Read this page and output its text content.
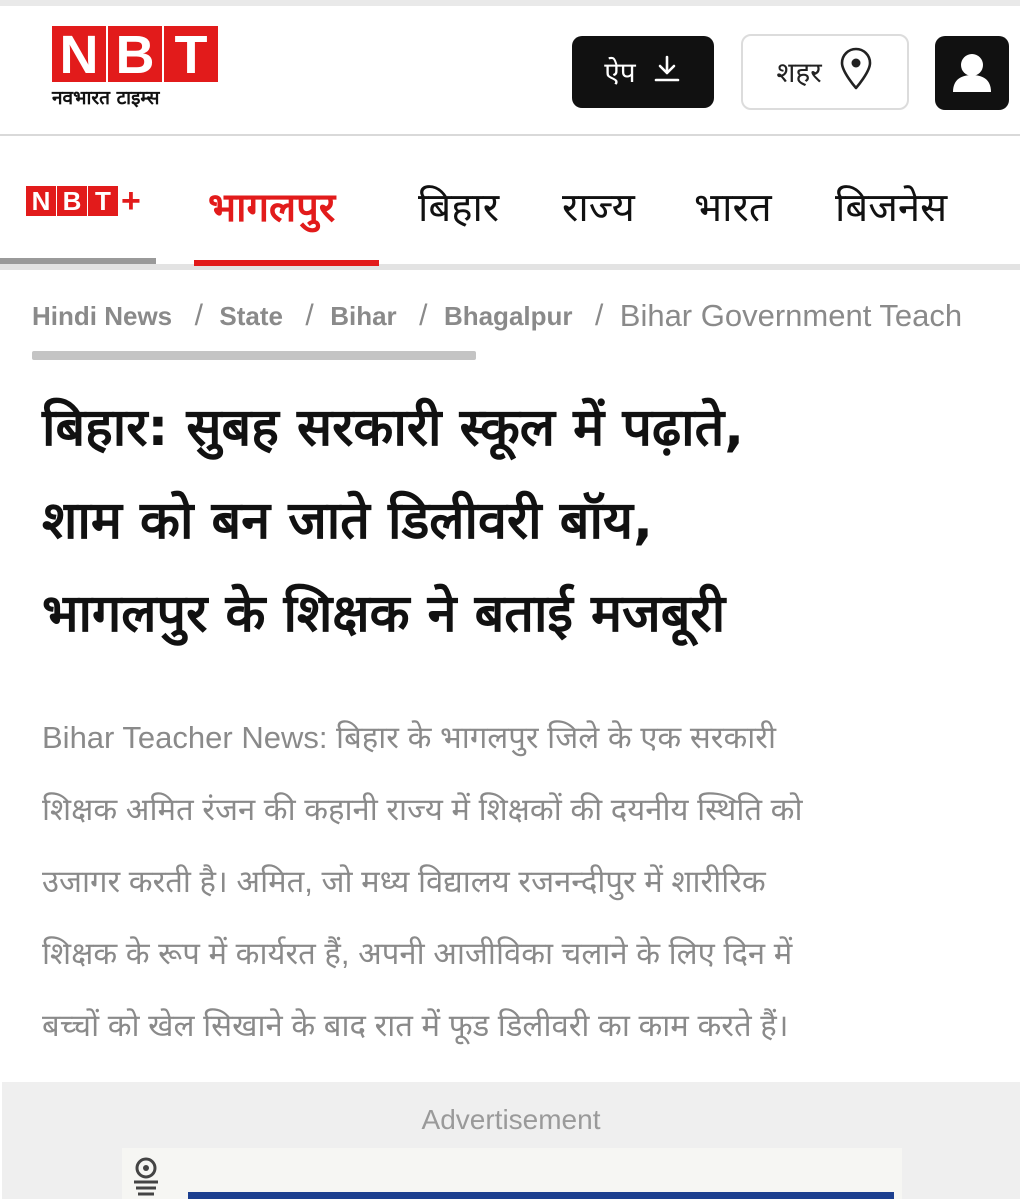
N B T
नवभारत टाइम्स
ऐप	शहर
N B T + भागलपुर बिहार राज्य भारत बिजनेस
Hindi News / State / Bihar / Bhagalpur / Bihar Government Teach
बिहार: सुबह सरकारी स्कूल में पढ़ाते,
शाम को बन जाते डिलीवरी बॉय,
भागलपुर के शिक्षक ने बताई मजबूरी
Bihar Teacher News: बिहार के भागलपुर जिले के एक सरकारी
शिक्षक अमित रंजन की कहानी राज्य में शिक्षकों की दयनीय स्थिति को
उजागर करती है। अमित, जो मध्य विद्यालय रजनन्दीपुर में शारीरिक
शिक्षक के रूप में कार्यरत हैं, अपनी आजीविका चलाने के लिए दिन में
बच्चों को खेल सिखाने के बाद रात में फूड डिलीवरी का काम करते हैं।
Advertisement
